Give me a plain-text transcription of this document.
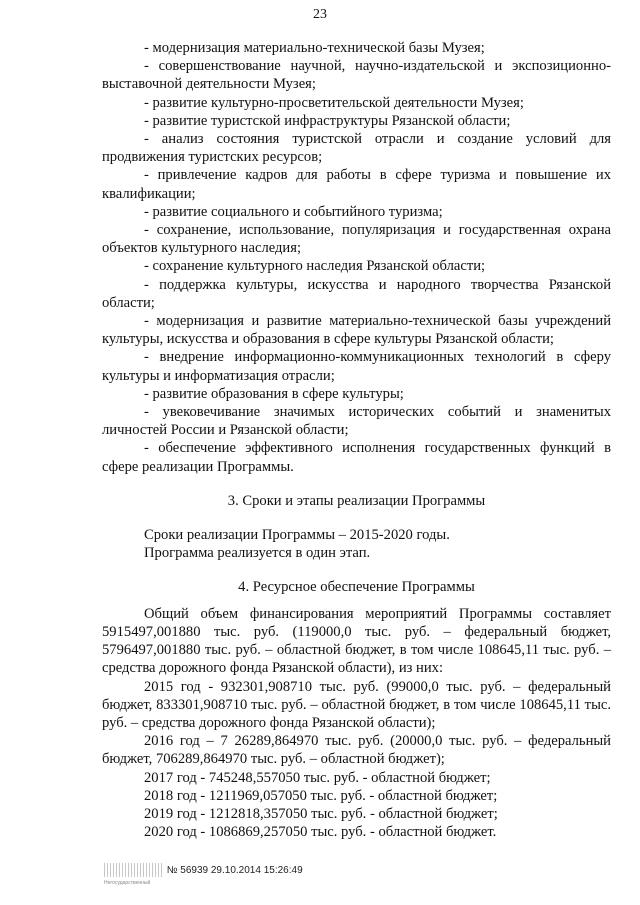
23

- модернизация материально-технической базы Музея;

- совершенствование научной, научно-издательской и экспозиционно-выставочной деятельности Музея;

- развитие культурно-просветительской деятельности Музея;

- развитие туристской инфраструктуры Рязанской области;

- анализ состояния туристской отрасли и создание условий для продвижения туристских ресурсов;

- привлечение кадров для работы в сфере туризма и повышение их квалификации;

- развитие социального и событийного туризма;

- сохранение, использование, популяризация и государственная охрана объектов культурного наследия;

- сохранение культурного наследия Рязанской области;

- поддержка культуры, искусства и народного творчества Рязанской области;

- модернизация и развитие материально-технической базы учреждений культуры, искусства и образования в сфере культуры Рязанской области;

- внедрение информационно-коммуникационных технологий в сферу культуры и информатизация отрасли;

- развитие образования в сфере культуры;

- увековечивание значимых исторических событий и знаменитых личностей России и Рязанской области;

- обеспечение эффективного исполнения государственных функций в сфере реализации Программы.

3. Сроки и этапы реализации Программы

Сроки реализации Программы – 2015-2020 годы.

Программа реализуется в один этап.

4. Ресурсное обеспечение Программы

Общий объем финансирования мероприятий Программы составляет 5915497,001880 тыс. руб. (119000,0 тыс. руб. – федеральный бюджет, 5796497,001880 тыс. руб. – областной бюджет, в том числе 108645,11 тыс. руб. – средства дорожного фонда Рязанской области), из них:

2015 год - 932301,908710 тыс. руб. (99000,0 тыс. руб. – федеральный бюджет, 833301,908710 тыс. руб. – областной бюджет, в том числе 108645,11 тыс. руб. – средства дорожного фонда Рязанской области);

2016 год – 7 26289,864970 тыс. руб. (20000,0 тыс. руб. – федеральный бюджет, 706289,864970 тыс. руб. – областной бюджет);

2017 год - 745248,557050 тыс. руб. - областной бюджет;

2018 год - 1211969,057050 тыс. руб. - областной бюджет;

2019 год - 1212818,357050 тыс. руб. - областной бюджет;

2020 год - 1086869,257050 тыс. руб. - областной бюджет.

Негосударственный
№ 56939 29.10.2014 15:26:49
